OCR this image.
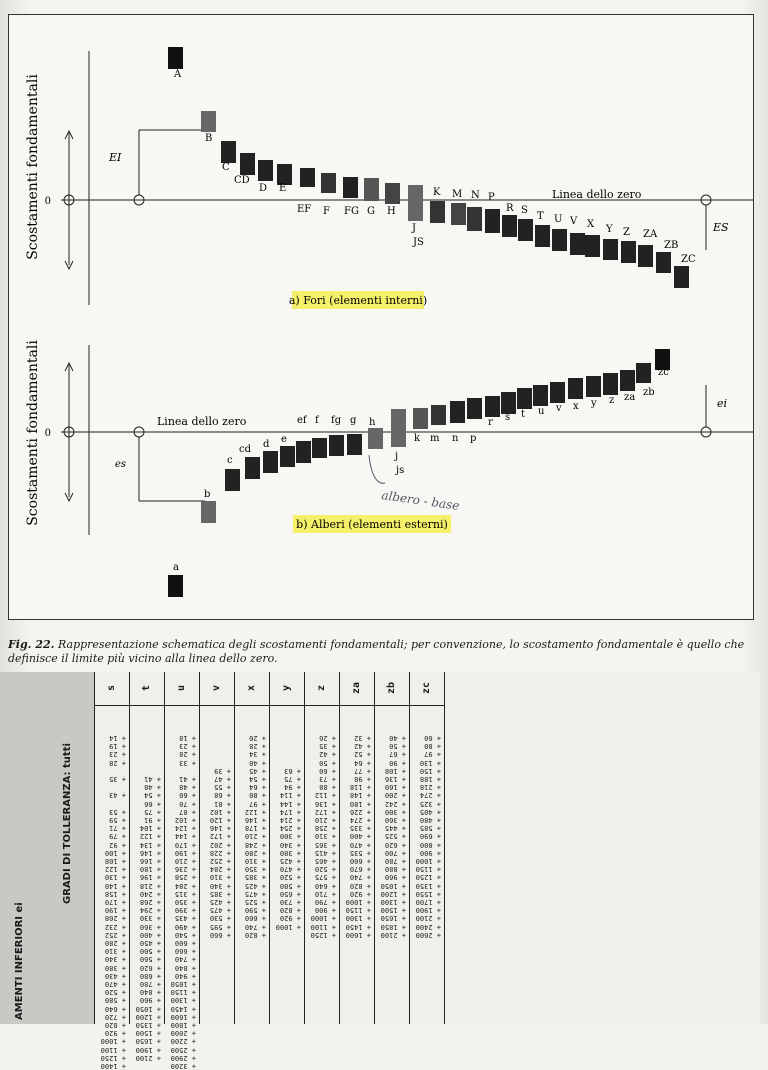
0
EI
ES
Linea dello zero
Scostamenti fondamentali
a) Fori (elementi interni)
A
B
C
CD
D E
EF F FG G H
J
JS
K M N P
R S
T U V X Y Z ZA
ZB
ZC
0
es
ei
Linea dello zero
Scostamenti fondamentali	b) Alberi (elementi esterni)
albero - base
a
b
c
cd d e
ef f fg g h
j
js
k m n p
r s t u v x y z za zb
zc
Fig. 22. Rappresentazione schematica degli scostamenti fondamentali; per convenzione, lo scostamento fondamentale è quello che definisce il limite più vicino alla linea dello zero.
AMENTI INFERIORI ei
GRADI DI TOLLERANZA: tutti
zc
+ 60
+ 80
+ 97
+ 130
+ 150
+ 188
+ 218
+ 274
+ 325
+ 405
+ 480
+ 585
+ 690
+ 800
+ 900
+ 1000
+ 1150
+ 1250
+ 1350
+ 1550
+ 1700
+ 1900
+ 2100
+ 2400
+ 2600
zb
+ 40
+ 50
+ 67
+ 90
+ 108
+ 136
+ 160
+ 200
+ 242
+ 300
+ 360
+ 445
+ 525
+ 620
+ 700
+ 780
+ 880
+ 960
+ 1050
+ 1200
+ 1300
+ 1500
+ 1650
+ 1850
+ 2100
za
+ 32
+ 42
+ 52
+ 64
+ 77
+ 98
+ 118
+ 148
+ 180
+ 226
+ 274
+ 335
+ 400
+ 470
+ 535
+ 600
+ 670
+ 740
+ 820
+ 920
+ 1000
+ 1150
+ 1300
+ 1450
+ 1600
z
+ 26
+ 35
+ 42
+ 50
+ 60
+ 73
+ 88
+ 112
+ 136
+ 172
+ 210
+ 258
+ 310
+ 365
+ 415
+ 465
+ 520
+ 575
+ 640
+ 710
+ 790
+ 900
+ 1000
+ 1100
+ 1250
y
+ 63
+ 75
+ 94
+ 114
+ 144
+ 174
+ 214
+ 254
+ 300
+ 340
+ 380
+ 425
+ 470
+ 520
+ 580
+ 650
+ 730
+ 820
+ 920
+ 1000
x
+ 20
+ 28
+ 34
+ 40
+ 45
+ 54
+ 64
+ 80
+ 97
+ 122
+ 146
+ 178
+ 210
+ 248
+ 280
+ 310
+ 350
+ 385
+ 425
+ 475
+ 525
+ 590
+ 660
+ 740
+ 820
v
+ 39
+ 47
+ 55
+ 68
+ 81
+ 102
+ 120
+ 146
+ 172
+ 202
+ 228
+ 252
+ 284
+ 310
+ 340
+ 385
+ 425
+ 475
+ 530
+ 595
+ 660
u
+ 18
+ 23
+ 28
+ 33
+ 41
+ 48
+ 60
+ 70
+ 87
+ 102
+ 124
+ 144
+ 170
+ 190
+ 210
+ 236
+ 258
+ 284
+ 315
+ 350
+ 390
+ 435
+ 490
+ 540
+ 600
+ 660
+ 740
+ 840
+ 940
+ 1050
+ 1150
+ 1300
+ 1450
+ 1600
+ 1800
+ 2000
+ 2200
+ 2500
+ 2900
+ 3200
t
+ 41
+ 48
+ 54
+ 66
+ 75
+ 91
+ 104
+ 122
+ 134
+ 146
+ 166
+ 180
+ 196
+ 218
+ 240
+ 268
+ 294
+ 330
+ 360
+ 400
+ 450
+ 500
+ 560
+ 620
+ 680
+ 780
+ 840
+ 960
+ 1050
+ 1200
+ 1350
+ 1500
+ 1650
+ 1900
+ 2100
s
+ 14
+ 19
+ 23
+ 28
+ 35
+ 43
+ 53
+ 59
+ 71
+ 79
+ 92
+ 100
+ 108
+ 122
+ 130
+ 140
+ 158
+ 170
+ 190
+ 208
+ 232
+ 252
+ 280
+ 310
+ 340
+ 380
+ 430
+ 470
+ 520
+ 580
+ 640
+ 720
+ 820
+ 920
+ 1000
+ 1100
+ 1250
+ 1400
